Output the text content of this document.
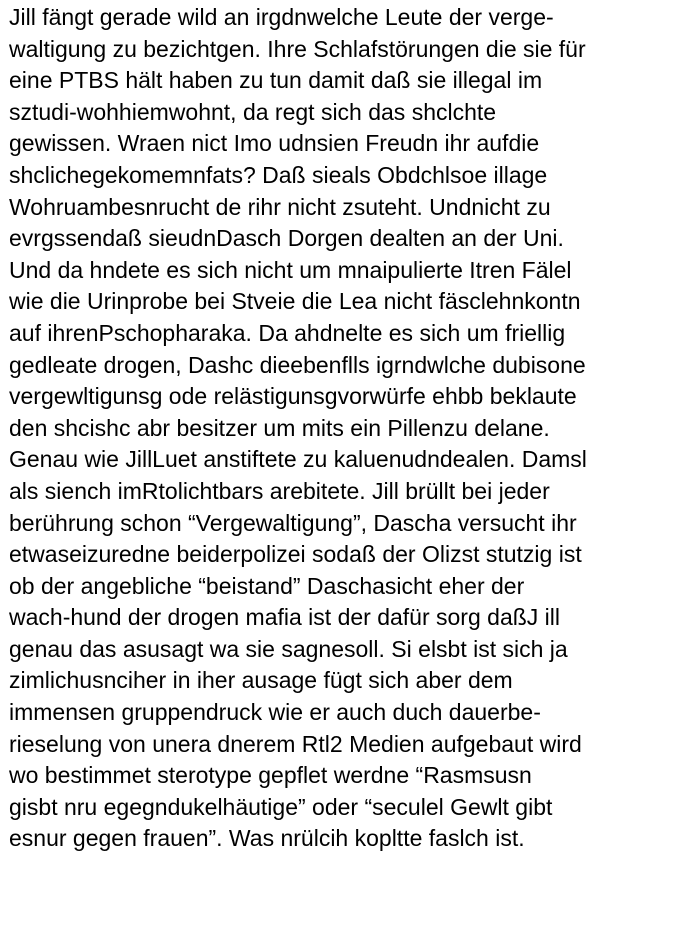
Jill fängt gerade wild an irgdnwelche Leute der verge-
waltigung zu bezichtgen. Ihre Schlafstörungen die sie für
eine PTBS hält haben zu tun damit daß sie illegal im
sztudi-wohhiemwohnt, da regt sich das shclchte
gewissen. Wraen nict Imo udnsien Freudn ihr aufdie
shclichegekomemnfats? Daß sieals Obdchlsoe illage
Wohruambesnrucht de rihr nicht zsuteht. Undnicht zu
evrgssendaß sieudnDasch Dorgen dealten an der Uni.
Und da hndete es sich nicht um mnaipulierte Itren Fälel
wie die Urinprobe bei Stveie die Lea nicht fäsclehnkontn
auf ihrenPschopharaka. Da ahdnelte es sich um friellig
gedleate drogen, Dashc dieebenflls igrndwlche dubisone
vergewltigunsg ode relästigunsgvorwürfe ehbb beklaute
den shcishc abr besitzer um mits ein Pillenzu delane.
Genau wie JillLuet anstiftete zu kaluenudndealen. Damsl
als siench imRtolichtbars arebitete. Jill brüllt bei jeder
berührung schon “Vergewaltigung”, Dascha versucht ihr
etwaseizuredne beiderpolizei sodaß der Olizst stutzig ist
ob der angebliche “beistand” Daschasicht eher der
wach-hund der drogen mafia ist der dafür sorg daßJ ill
genau das asusagt wa sie sagnesoll. Si elsbt ist sich ja
zimlichusnciher in iher ausage fügt sich aber dem
immensen gruppendruck wie er auch duch dauerbe-
rieselung von unera dnerem Rtl2 Medien aufgebaut wird
wo bestimmet sterotype gepflet werdne “Rasmsusn
gisbt nru egegndukelhäutige” oder “seculel Gewlt gibt
esnur gegen frauen”. Was nrülcih kopltte faslch ist.
